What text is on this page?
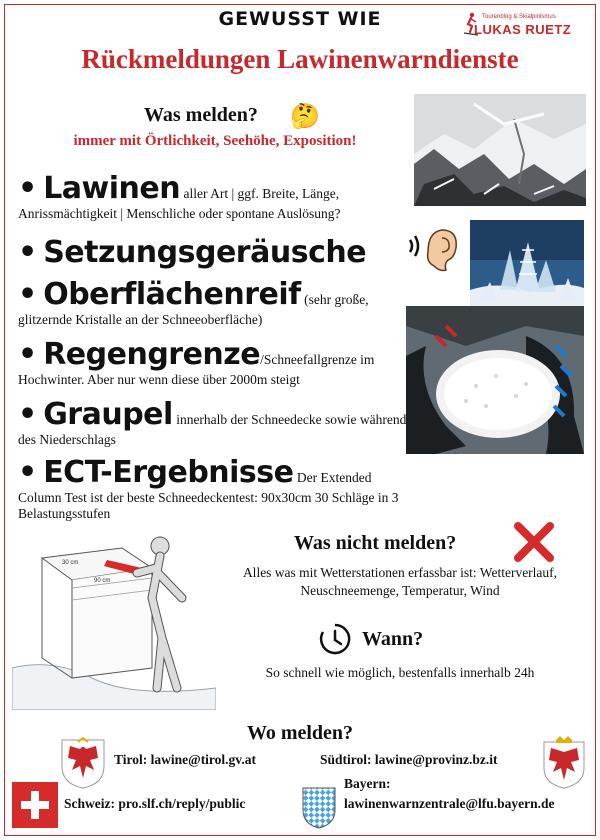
GEWUSST WIE	Tourenblog & Skialpinismus
LUKAS RUETZ
Rückmeldungen Lawinenwarndienste
Was melden? 🤔
immer mit Örtlichkeit, Seehöhe, Exposition!
• Lawinen aller Art | ggf. Breite, Länge, Anrissmächtigkeit | Menschliche oder spontane Auslösung?
• Setzungsgeräusche
• Oberflächenreif (sehr große, glitzernde Kristalle an der Schneeoberfläche)
• Regengrenze/Schneefallgrenze im Hochwinter. Aber nur wenn diese über 2000m steigt
• Graupel innerhalb der Schneedecke sowie während des Niederschlags
• ECT-Ergebnisse Der Extended Column Test ist der beste Schneedeckentest: 90x30cm 30 Schläge in 3 Belastungsstufen
30 cm
90 cm
Was nicht melden?
Alles was mit Wetterstationen erfassbar ist: Wetterverlauf, Neuschneemenge, Temperatur, Wind
Wann?
So schnell wie möglich, bestenfalls innerhalb 24h
Wo melden?
Tirol: lawine@tirol.gv.at	Südtirol: lawine@provinz.bz.it
Bayern:
lawinenwarnzentrale@lfu.bayern.de
Schweiz: pro.slf.ch/reply/public
